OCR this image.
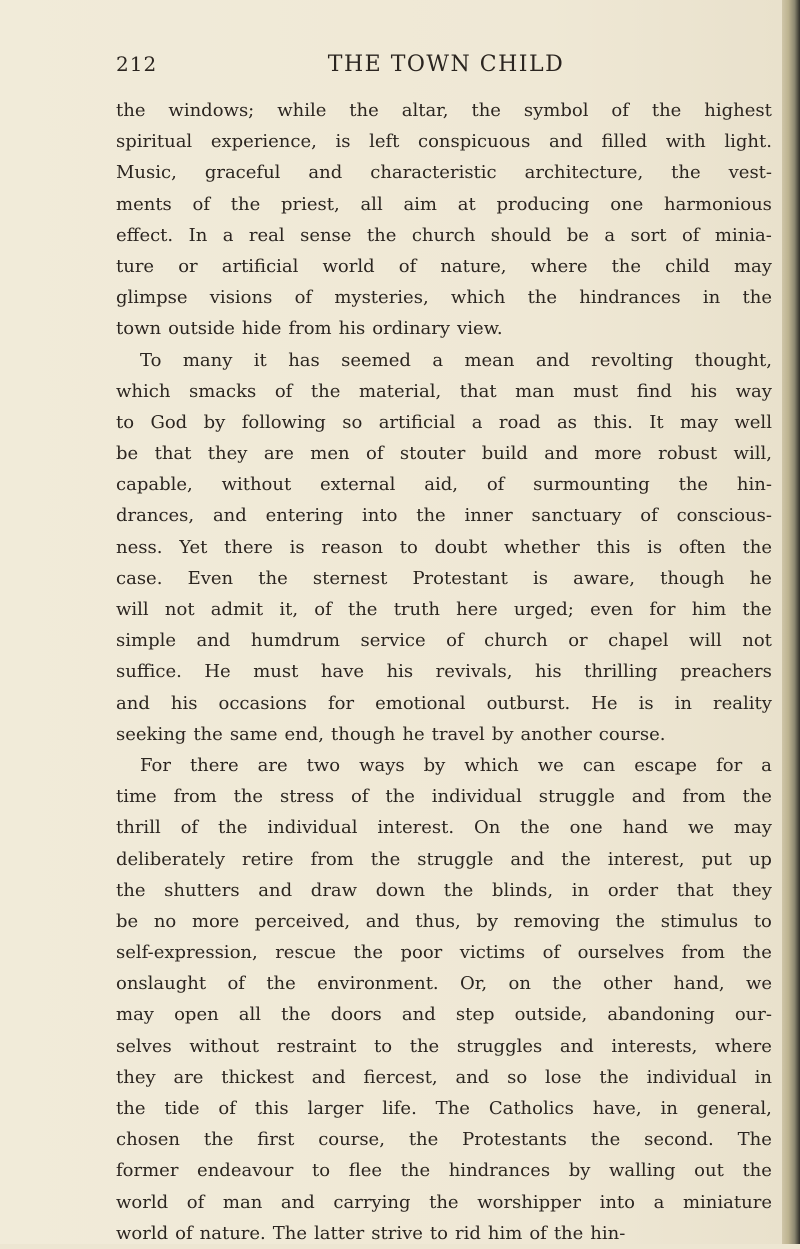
212	THE TOWN CHILD
the windows; while the altar, the symbol of the highest
spiritual experience, is left conspicuous and filled with light.
Music, graceful and characteristic architecture, the vest-
ments of the priest, all aim at producing one harmonious
effect. In a real sense the church should be a sort of minia-
ture or artificial world of nature, where the child may
glimpse visions of mysteries, which the hindrances in the
town outside hide from his ordinary view.
To many it has seemed a mean and revolting thought,
which smacks of the material, that man must find his way
to God by following so artificial a road as this. It may well
be that they are men of stouter build and more robust will,
capable, without external aid, of surmounting the hin-
drances, and entering into the inner sanctuary of conscious-
ness. Yet there is reason to doubt whether this is often the
case. Even the sternest Protestant is aware, though he
will not admit it, of the truth here urged; even for him the
simple and humdrum service of church or chapel will not
suffice. He must have his revivals, his thrilling preachers
and his occasions for emotional outburst. He is in reality
seeking the same end, though he travel by another course.
For there are two ways by which we can escape for a
time from the stress of the individual struggle and from the
thrill of the individual interest. On the one hand we may
deliberately retire from the struggle and the interest, put up
the shutters and draw down the blinds, in order that they
be no more perceived, and thus, by removing the stimulus to
self-expression, rescue the poor victims of ourselves from the
onslaught of the environment. Or, on the other hand, we
may open all the doors and step outside, abandoning our-
selves without restraint to the struggles and interests, where
they are thickest and fiercest, and so lose the individual in
the tide of this larger life. The Catholics have, in general,
chosen the first course, the Protestants the second. The
former endeavour to flee the hindrances by walling out the
world of man and carrying the worshipper into a miniature
world of nature. The latter strive to rid him of the hin-
